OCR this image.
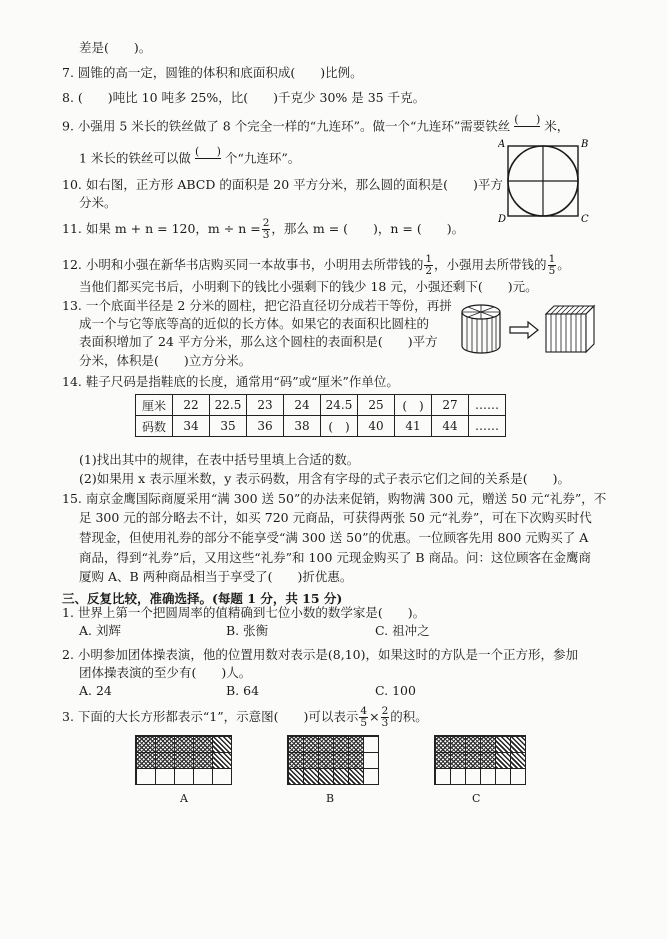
差是(　　)。
7. 圆锥的高一定，圆锥的体积和底面积成(　　)比例。
8. (　　)吨比 10 吨多 25%，比(　　)千克少 30% 是 35 千克。
9. 小强用 5 米长的铁丝做了 8 个完全一样的“九连环”。做一个“九连环”需要铁丝 (
)	米，
1 米长的铁丝可以做 (
)	个“九连环”。
A	B
C
D
10. 如右图，正方形 ABCD 的面积是 20 平方分米，那么圆的面积是(　　)平方
分米。
11. 如果 m + n = 120，$m \div n = \frac{2}{3}$ ，那么 m = (　　)，n = (　　)。
12. 小明和小强在新华书店购买同一本故事书，小明用去所带钱的 $\frac{1}{2}$ ，小强用去所带钱的 $\frac{1}{5}$ 。
当他们都买完书后，小明剩下的钱比小强剩下的钱少 18 元，小强还剩下(　　)元。
13. 一个底面半径是 2 分米的圆柱，把它沿直径切分成若干等份，再拼
成一个与它等底等高的近似的长方体。如果它的表面积比圆柱的
表面积增加了 24 平方分米，那么这个圆柱的表面积是(　　)平方
分米，体积是(　　)立方分米。
14. 鞋子尺码是指鞋底的长度，通常用“码”或“厘米”作单位。
厘米	22	22.5	23	24	24.5	25	(　)	27	……
码数	34	35	36	38	(　)	40	41	44	……
(1)找出其中的规律，在表中括号里填上合适的数。
(2)如果用 x 表示厘米数，y 表示码数，用含有字母的式子表示它们之间的关系是(　　)。
15. 南京金鹰国际商厦采用“满 300 送 50”的办法来促销，购物满 300 元，赠送 50 元“礼券”，不
足 300 元的部分略去不计，如买 720 元商品，可获得两张 50 元“礼券”，可在下次购买时代
替现金，但使用礼券的部分不能享受“满 300 送 50”的优惠。一位顾客先用 800 元购买了 A
商品，得到“礼券”后，又用这些“礼券”和 100 元现金购买了 B 商品。问：这位顾客在金鹰商
厦购 A、B 两种商品相当于享受了(　　)折优惠。
三、反复比较，准确选择。(每题 1 分，共 15 分)
1. 世界上第一个把圆周率的值精确到七位小数的数学家是(　　)。
A. 刘辉	B. 张衡	C. 祖冲之
2. 小明参加团体操表演，他的位置用数对表示是(8,10)，如果这时的方队是一个正方形，参加
团体操表演的至少有(　　)人。
A. 24	B. 64	C. 100
3. 下面的大长方形都表示“1”，示意图(　　)可以表示 $\frac{4}{5} \times \frac{2}{3}$ 的积。
A	B	C
